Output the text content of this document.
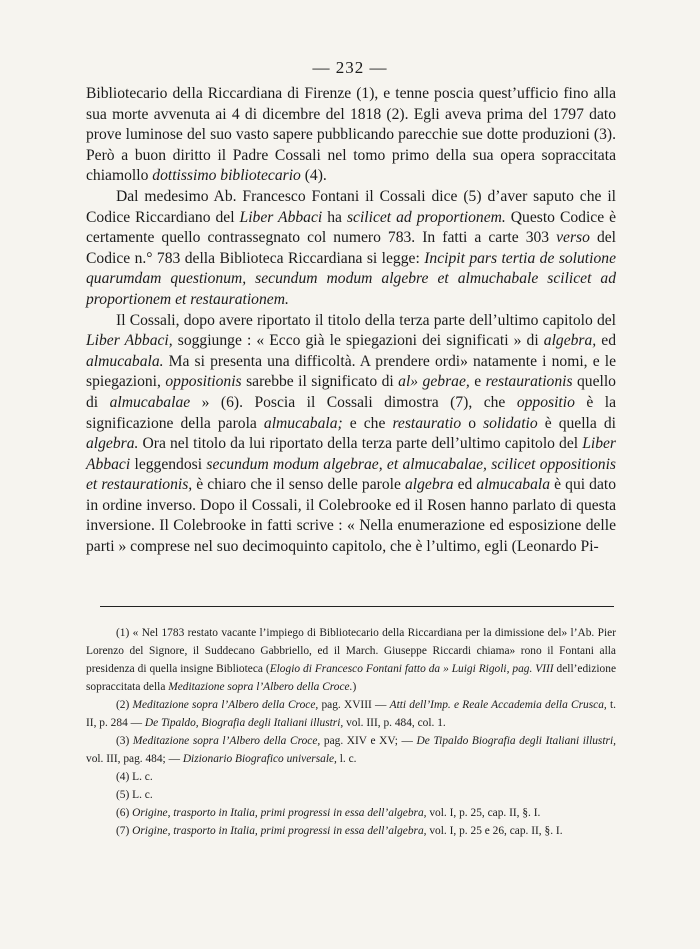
— 232 —

Bibliotecario della Riccardiana di Firenze (1), e tenne poscia quest’ufficio fino alla sua morte avvenuta ai 4 di dicembre del 1818 (2). Egli aveva prima del 1797 dato prove luminose del suo vasto sapere pubblicando parecchie sue dotte produzioni (3). Però a buon diritto il Padre Cossali nel tomo primo della sua opera sopraccitata chiamollo dottissimo bibliotecario (4).

Dal medesimo Ab. Francesco Fontani il Cossali dice (5) d’aver saputo che il Codice Riccardiano del Liber Abbaci ha scilicet ad proportionem. Questo Codice è certamente quello contrassegnato col numero 783. In fatti a carte 303 verso del Codice n.° 783 della Biblioteca Riccardiana si legge: Incipit pars tertia de solutione quarumdam questionum, secundum modum algebre et almuchabale scilicet ad proportionem et restaurationem.

Il Cossali, dopo avere riportato il titolo della terza parte dell’ultimo capitolo del Liber Abbaci, soggiunge : « Ecco già le spiegazioni dei significati » di algebra, ed almucabala. Ma si presenta una difficoltà. A prendere ordi» natamente i nomi, e le spiegazioni, oppositionis sarebbe il significato di al» gebrae, e restaurationis quello di almucabalae » (6). Poscia il Cossali dimostra (7), che oppositio è la significazione della parola almucabala; e che restauratio o solidatio è quella di algebra. Ora nel titolo da lui riportato della terza parte dell’ultimo capitolo del Liber Abbaci leggendosi secundum modum algebrae, et almucabalae, scilicet oppositionis et restaurationis, è chiaro che il senso delle parole algebra ed almucabala è qui dato in ordine inverso. Dopo il Cossali, il Colebrooke ed il Rosen hanno parlato di questa inversione. Il Colebrooke in fatti scrive : « Nella enumerazione ed esposizione delle parti » comprese nel suo decimoquinto capitolo, che è l’ultimo, egli (Leonardo Pi-

(1) « Nel 1783 restato vacante l’impiego di Bibliotecario della Riccardiana per la dimissione del» l’Ab. Pier Lorenzo del Signore, il Suddecano Gabbriello, ed il March. Giuseppe Riccardi chiama» rono il Fontani alla presidenza di quella insigne Biblioteca (Elogio di Francesco Fontani fatto da » Luigi Rigoli, pag. VIII dell’edizione sopraccitata della Meditazione sopra l’Albero della Croce.)

(2) Meditazione sopra l’Albero della Croce, pag. XVIII — Atti dell’Imp. e Reale Accademia della Crusca, t. II, p. 284 — De Tipaldo, Biografia degli Italiani illustri, vol. III, p. 484, col. 1.

(3) Meditazione sopra l’Albero della Croce, pag. XIV e XV; — De Tipaldo Biografia degli Italiani illustri, vol. III, pag. 484; — Dizionario Biografico universale, l. c.

(4) L. c.

(5) L. c.

(6) Origine, trasporto in Italia, primi progressi in essa dell’algebra, vol. I, p. 25, cap. II, §. I.

(7) Origine, trasporto in Italia, primi progressi in essa dell’algebra, vol. I, p. 25 e 26, cap. II, §. I.
